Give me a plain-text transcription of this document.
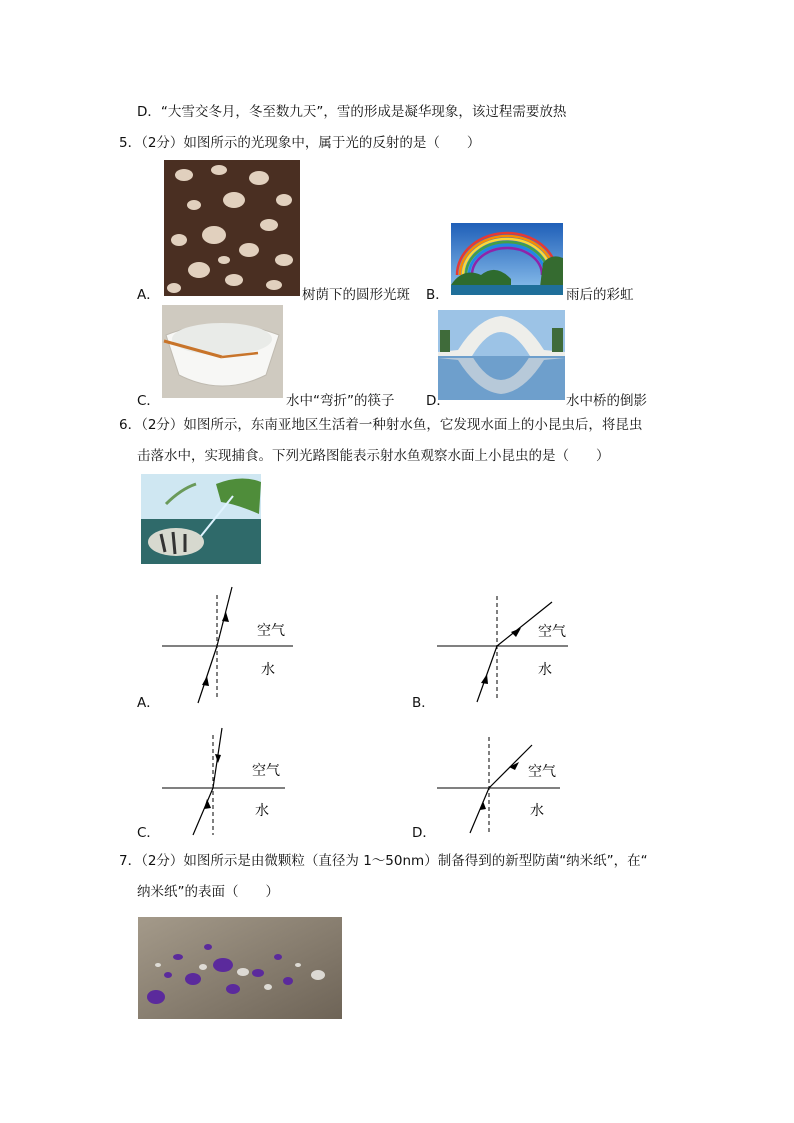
D．“大雪交冬月，冬至数九天”，雪的形成是凝华现象，该过程需要放热
5．（2分）如图所示的光现象中，属于光的反射的是（　　）
A．	树荫下的圆形光斑 B．	雨后的彩虹
C．	水中“弯折”的筷子 D．	水中桥的倒影
6．（2分）如图所示，东南亚地区生活着一种射水鱼，它发现水面上的小昆虫后，将昆虫
击落水中，实现捕食。下列光路图能表示射水鱼观察水面上小昆虫的是（　　）
空气
水
A．
空气
水
B．
空气
水
C．
空气
水
D．
7．（2分）如图所示是由微颗粒（直径为 1～50nm）制备得到的新型防菌“纳米纸”，在“
纳米纸”的表面（　　）
